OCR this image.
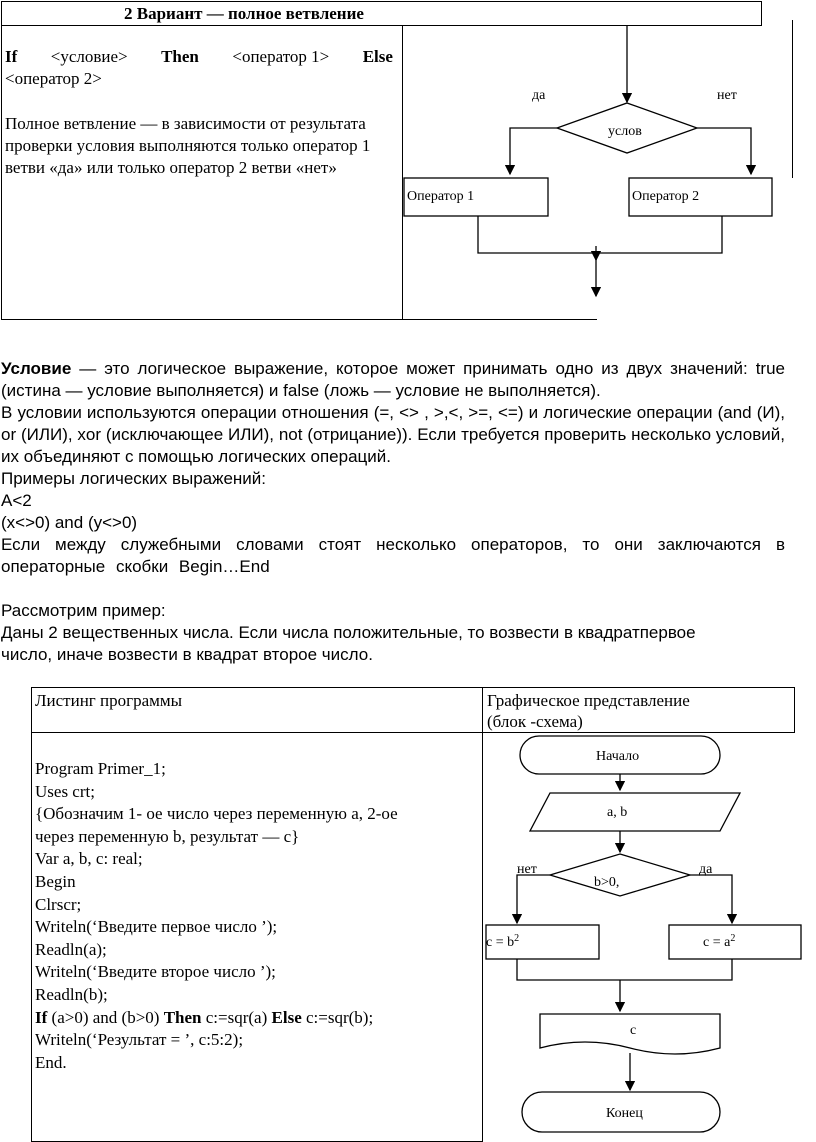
2 Вариант — полное ветвление
If <условие> Then <оператор 1> Else
<оператор 2>
Полное ветвление — в зависимости от результата проверки условия выполняются только оператор 1 ветви «да» или только оператор 2 ветви «нет»
да	нет
услов
Оператор 1	Оператор 2
Условие — это логическое выражение, которое может принимать одно из двух значений: true (истина — условие выполняется) и false (ложь — условие не выполняется).
В условии используются операции отношения (=, <> , >,<, >=, <=) и логические операции (and (И), or (ИЛИ), xor (исключающее ИЛИ), not (отрицание)). Если требуется проверить несколько условий, их объединяют с помощью логических операций.
Примеры логических выражений:
A<2
(x<>0) and (y<>0)
Если между служебными словами стоят несколько операторов, то они заключаются в операторные скобки Begin…End
Рассмотрим пример:
Даны 2 вещественных числа. Если числа положительные, то возвести в квадратпервое
число, иначе возвести в квадрат второе число.
Листинг программы	Графическое представление
(блок -схема)
Program Primer_1;
Uses crt;
{Обозначим 1- ое число через переменную a, 2-ое
через переменную b, результат — c}
Var a, b, c: real;
Begin
Clrscr;
Writeln(‘Введите первое число ’);
Readln(a);
Writeln(‘Введите второе число ’);
Readln(b);
If (a>0) and (b>0) Then c:=sqr(a) Else c:=sqr(b);
Writeln(‘Результат = ’, c:5:2);
End.
Начало
a, b
нет	да
b>0,
$c = b^2$	$c = a^2$
c
Конец
